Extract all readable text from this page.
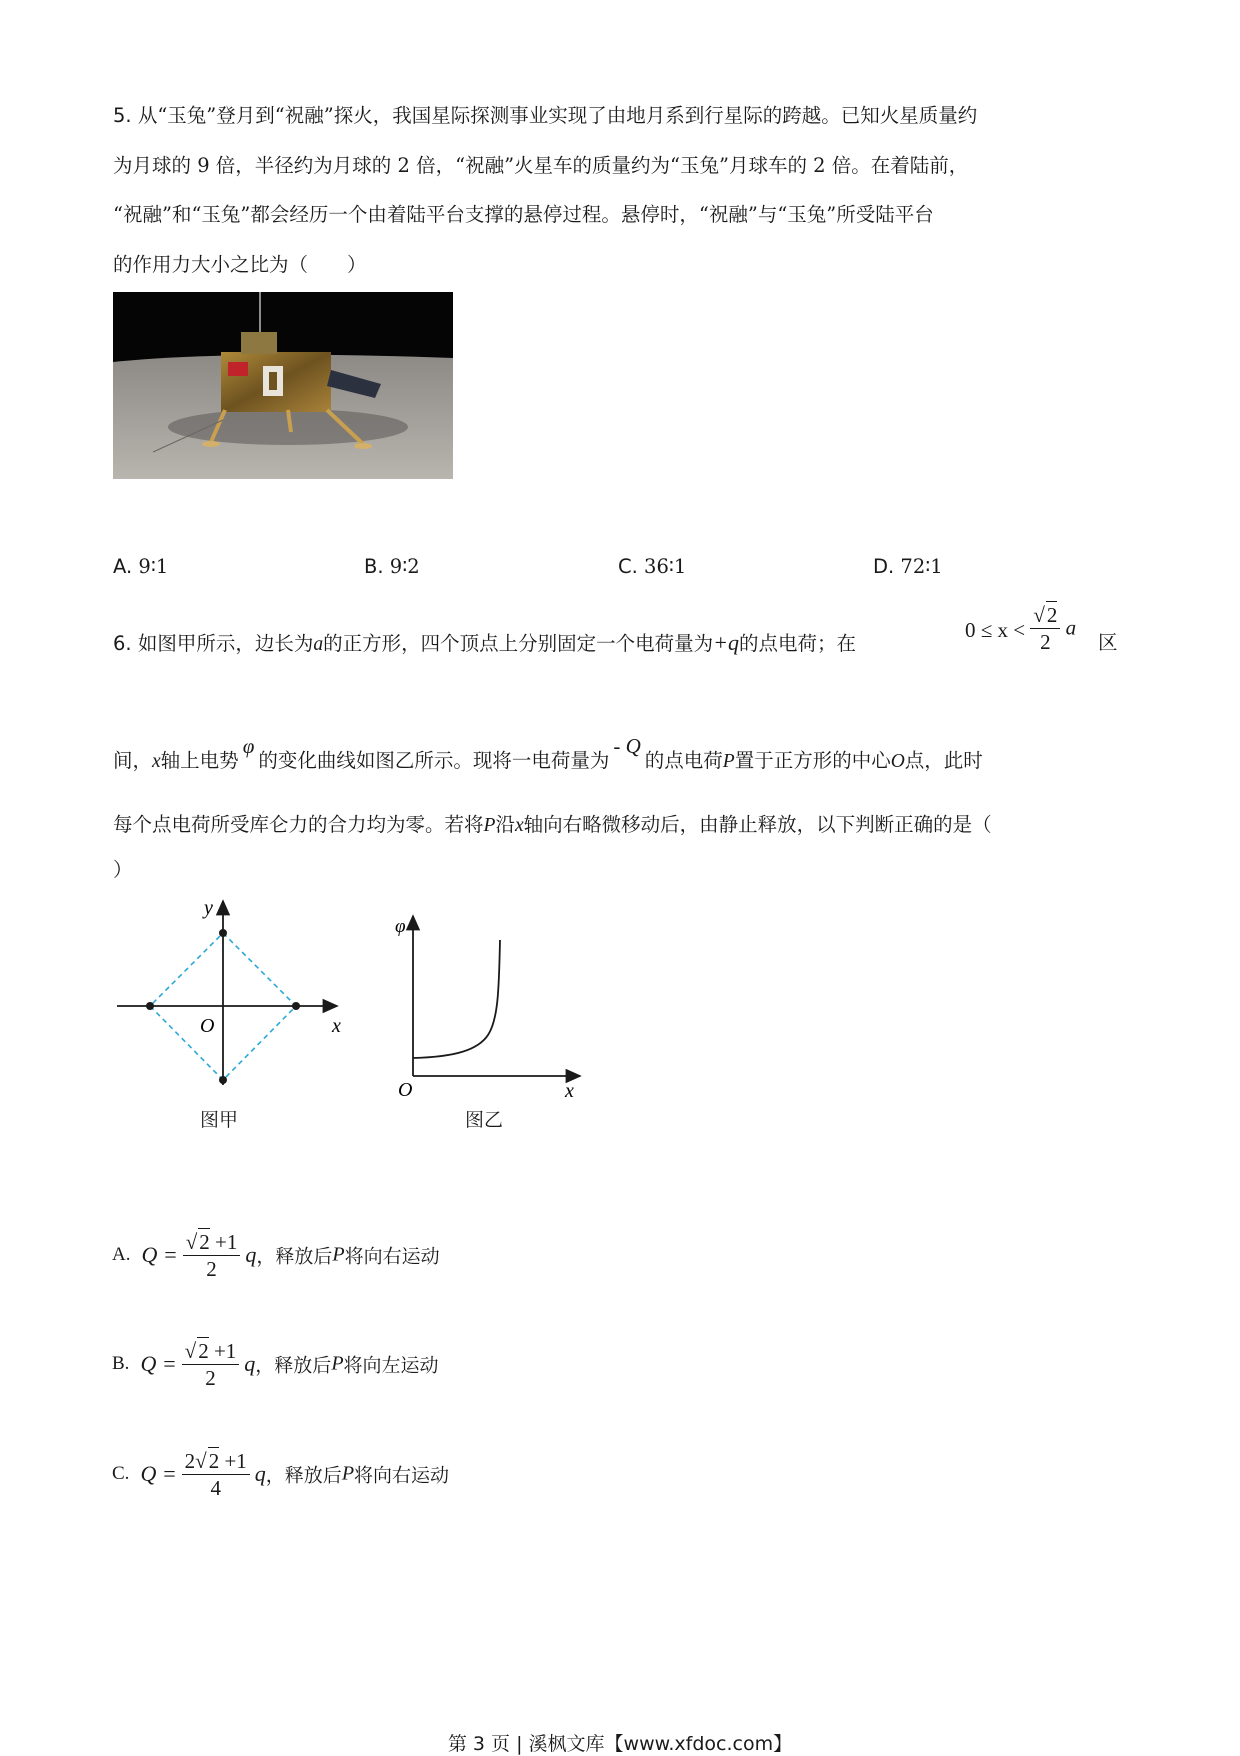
5. 从“玉兔”登月到“祝融”探火，我国星际探测事业实现了由地月系到行星际的跨越。已知火星质量约
为月球的 9 倍，半径约为月球的 2 倍，“祝融”火星车的质量约为“玉兔”月球车的 2 倍。在着陆前，
“祝融”和“玉兔”都会经历一个由着陆平台支撑的悬停过程。悬停时，“祝融”与“玉兔”所受陆平台
的作用力大小之比为（　　）
A. 9∶1	B. 9∶2	C. 36∶1	D. 72∶1
6. 如图甲所示，边长为a的正方形，四个顶点上分别固定一个电荷量为+q的点电荷；在
$0 \le x < \frac{√2}{2}$ a
区
间，x轴上电势φ的变化曲线如图乙所示。现将一电荷量为- Q的点电荷P置于正方形的中心O点，此时
每个点电荷所受库仑力的合力均为零。若将P沿x轴向右略微移动后，由静止释放，以下判断正确的是（
）
y
x
O
图甲
φ
x
O
图乙
A. $Q = \frac{√2 +1}{2}$ q，释放后P将向右运动
B. $Q = \frac{√2 +1}{2}$ q，释放后P将向左运动
C. $Q = \frac{2√2 +1}{4}$ q，释放后P将向右运动
第 3 页 | 溪枫文库【www.xfdoc.com】
